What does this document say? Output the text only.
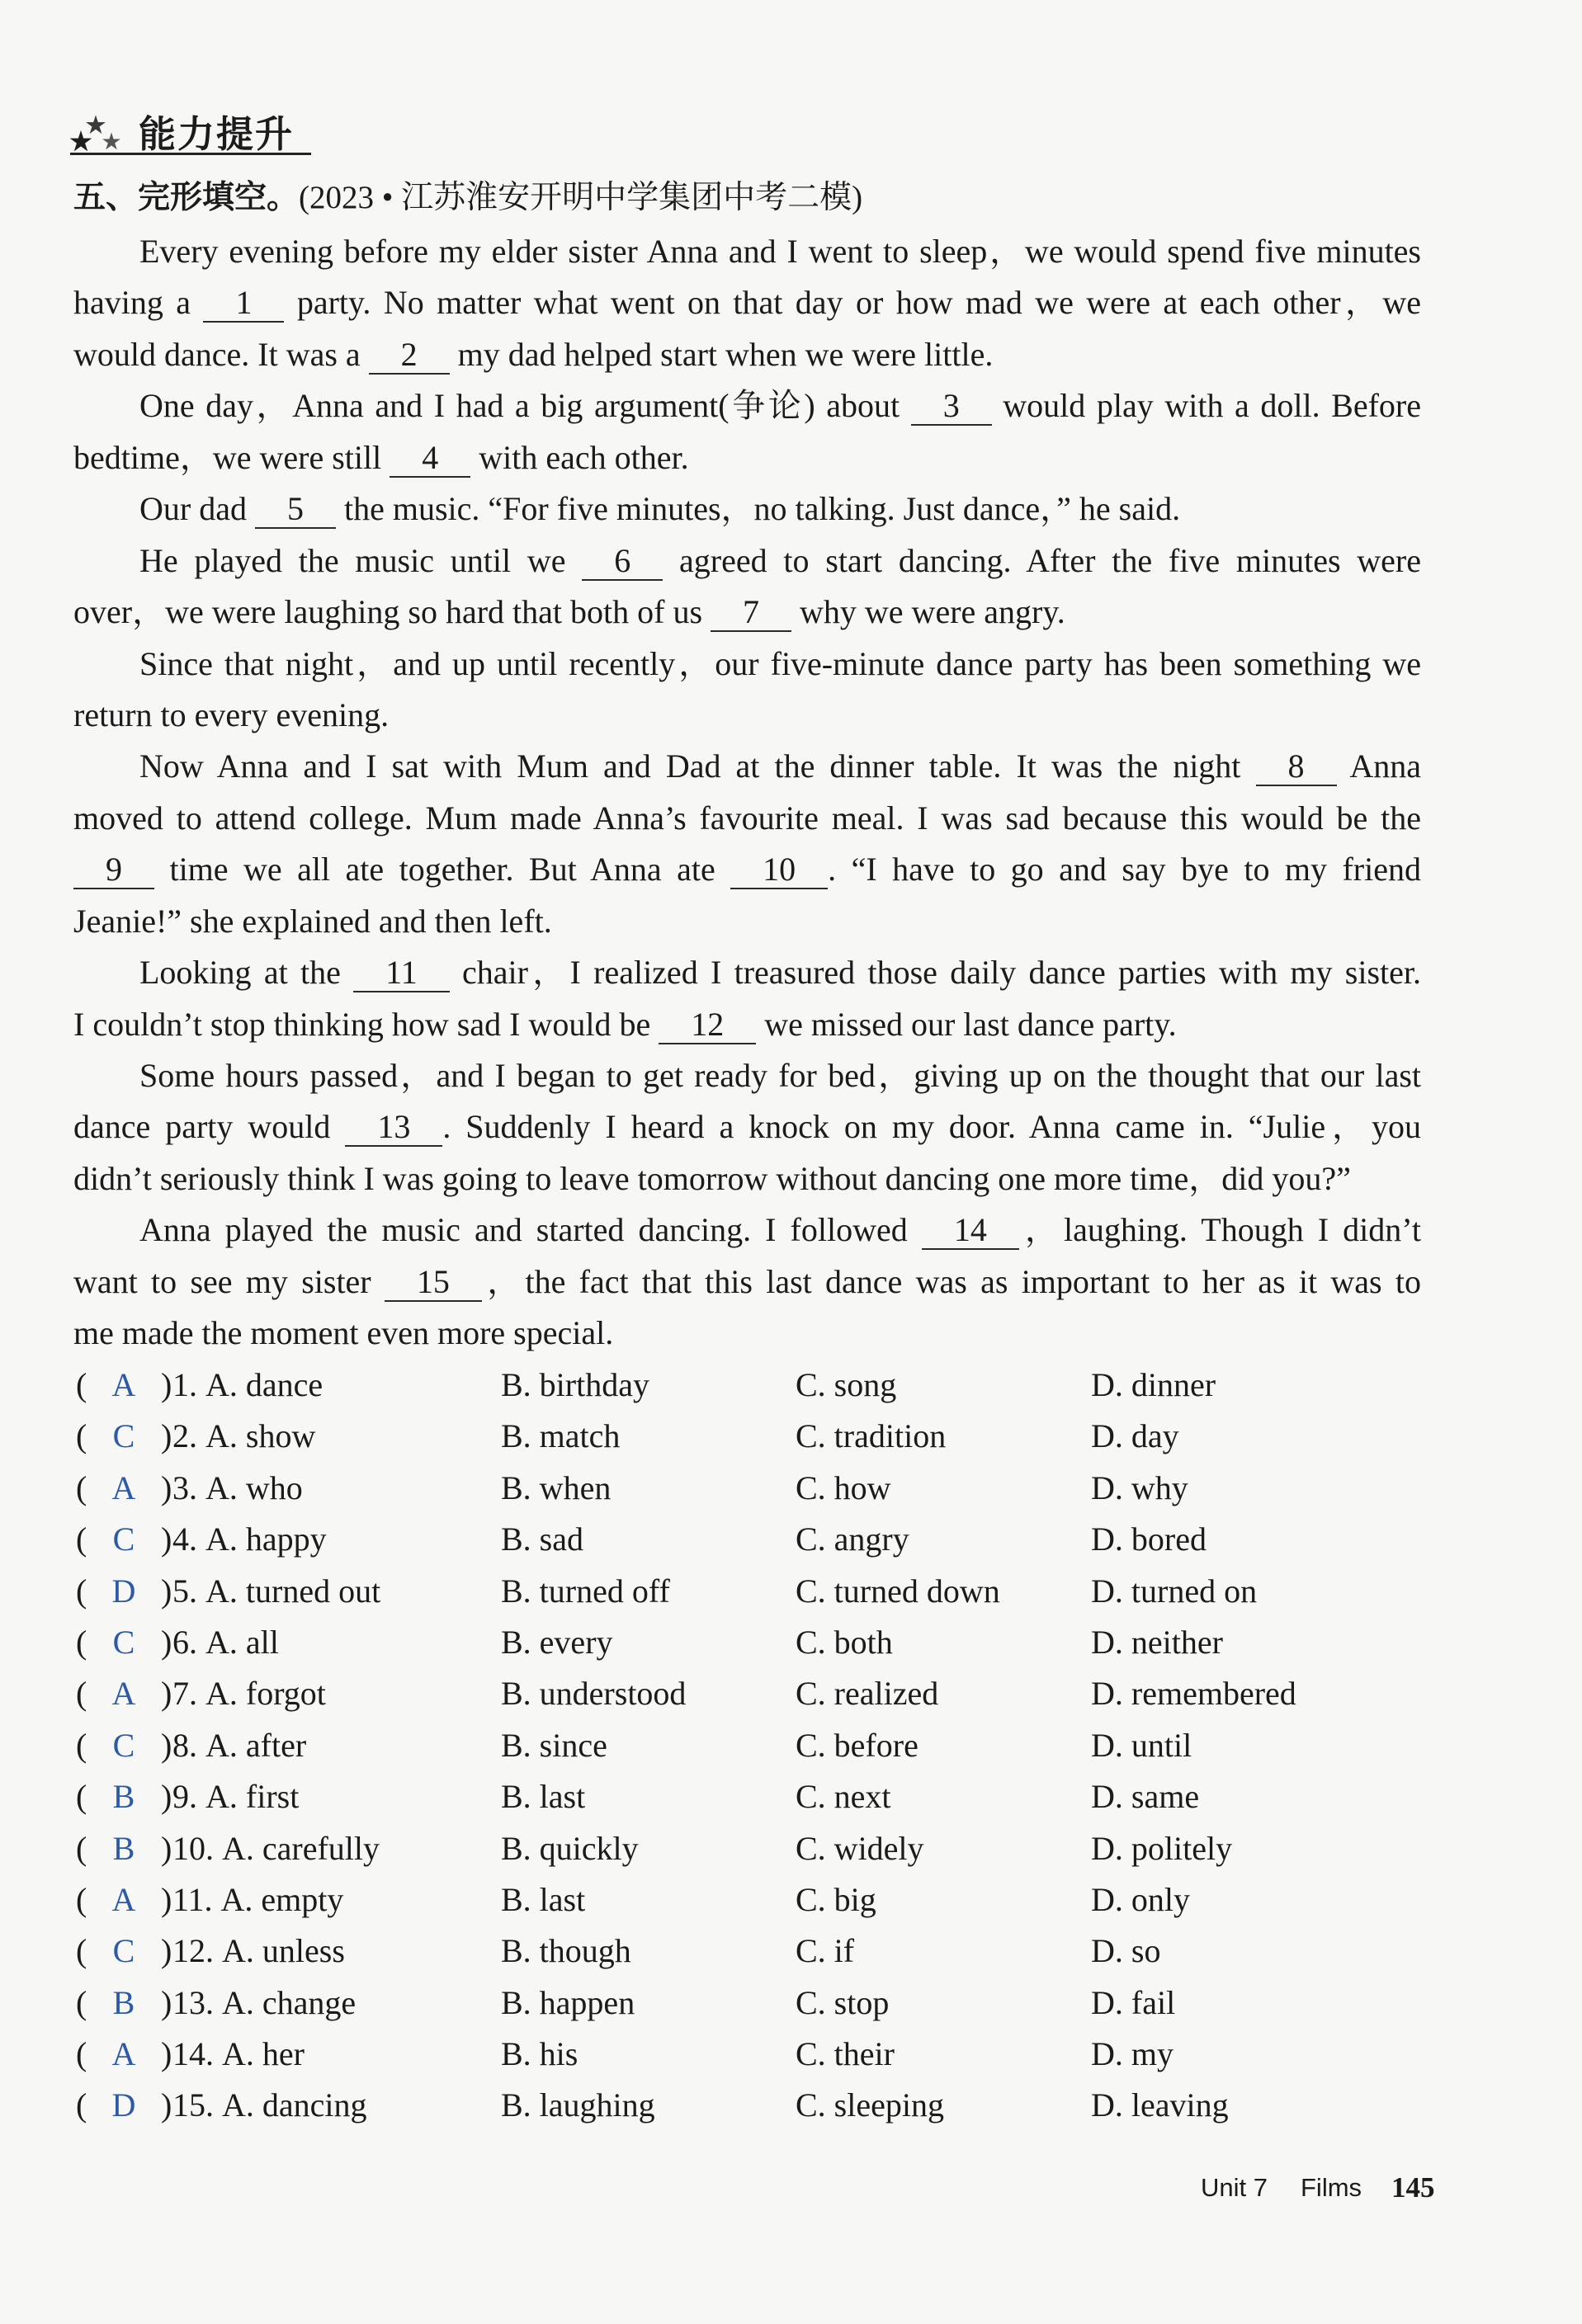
能力提升
五、完形填空。(2023 • 江苏淮安开明中学集团中考二模)
Every evening before my elder sister Anna and I went to sleep，we would spend five minutes
having a 1 party. No matter what went on that day or how mad we were at each other，we
would dance. It was a 2 my dad helped start when we were little.
One day，Anna and I had a big argument(争论) about 3 would play with a doll. Before
bedtime，we were still 4 with each other.
Our dad 5 the music. “For five minutes，no talking. Just dance，” he said.
He played the music until we 6 agreed to start dancing. After the five minutes were
over，we were laughing so hard that both of us 7 why we were angry.
Since that night，and up until recently，our five-minute dance party has been something we
return to every evening.
Now Anna and I sat with Mum and Dad at the dinner table. It was the night 8 Anna
moved to attend college. Mum made Anna’s favourite meal. I was sad because this would be the
9 time we all ate together. But Anna ate 10 . “I have to go and say bye to my friend
Jeanie!” she explained and then left.
Looking at the 11 chair，I realized I treasured those daily dance parties with my sister.
I couldn’t stop thinking how sad I would be 12 we missed our last dance party.
Some hours passed，and I began to get ready for bed，giving up on the thought that our last
dance party would 13 . Suddenly I heard a knock on my door. Anna came in. “Julie，you
didn’t seriously think I was going to leave tomorrow without dancing one more time，did you?”
Anna played the music and started dancing. I followed 14 ，laughing. Though I didn’t
want to see my sister 15 ，the fact that this last dance was as important to her as it was to
me made the moment even more special.
( A ) 1. A. dance	B. birthday	C. song	D. dinner
( C ) 2. A. show	B. match	C. tradition	D. day
( A ) 3. A. who	B. when	C. how	D. why
( C ) 4. A. happy	B. sad	C. angry	D. bored
( D ) 5. A. turned out	B. turned off	C. turned down	D. turned on
( C ) 6. A. all	B. every	C. both	D. neither
( A ) 7. A. forgot	B. understood	C. realized	D. remembered
( C ) 8. A. after	B. since	C. before	D. until
( B ) 9. A. first	B. last	C. next	D. same
( B ) 10. A. carefully	B. quickly	C. widely	D. politely
( A ) 11. A. empty	B. last	C. big	D. only
( C ) 12. A. unless	B. though	C. if	D. so
( B ) 13. A. change	B. happen	C. stop	D. fail
( A ) 14. A. her	B. his	C. their	D. my
( D ) 15. A. dancing	B. laughing	C. sleeping	D. leaving
Unit 7 Films 145
